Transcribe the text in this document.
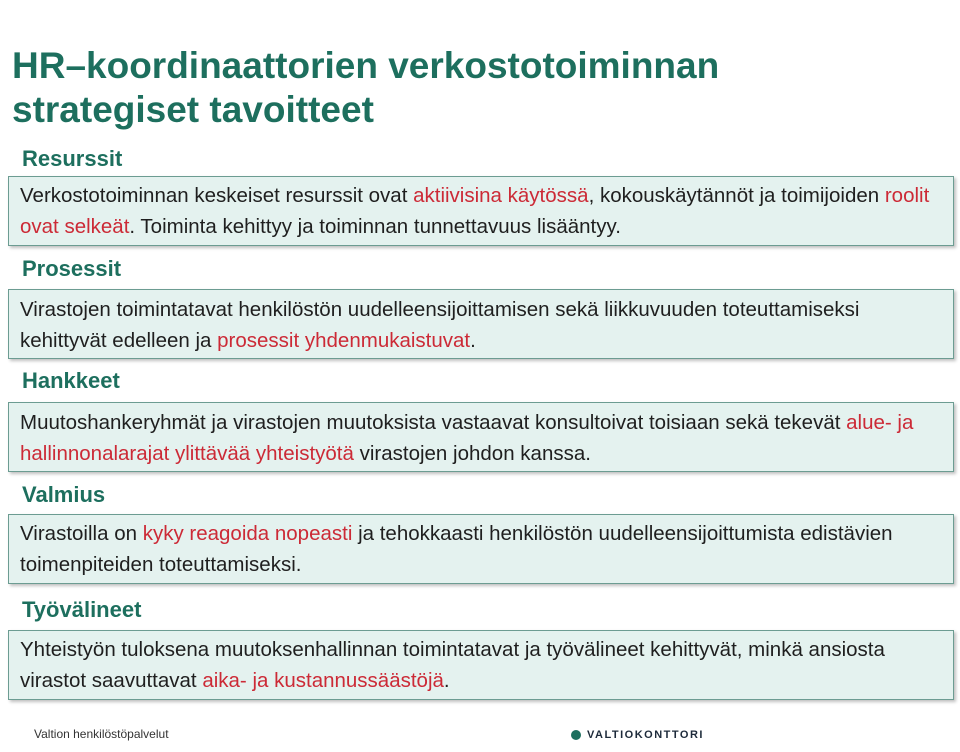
HR–koordinaattorien verkostotoiminnan strategiset tavoitteet
Resurssit
Verkostotoiminnan keskeiset resurssit ovat aktiivisina käytössä, kokouskäytännöt ja toimijoiden roolit ovat selkeät. Toiminta kehittyy ja toiminnan tunnettavuus lisääntyy.
Prosessit
Virastojen toimintatavat henkilöstön uudelleensijoittamisen sekä liikkuvuuden toteuttamiseksi kehittyvät edelleen ja prosessit yhdenmukaistuvat.
Hankkeet
Muutoshankeryhmät ja virastojen muutoksista vastaavat konsultoivat toisiaan sekä tekevät alue- ja hallinnonalarajat ylittävää yhteistyötä virastojen johdon kanssa.
Valmius
Virastoilla on kyky reagoida nopeasti ja tehokkaasti henkilöstön uudelleensijoittumista edistävien toimenpiteiden toteuttamiseksi.
Työvälineet
Yhteistyön tuloksena muutoksenhallinnan toimintatavat ja työvälineet kehittyvät, minkä ansiosta virastot saavuttavat aika- ja kustannussäästöjä.
Valtion henkilöstöpalvelut	VALTIOKONTTORI
